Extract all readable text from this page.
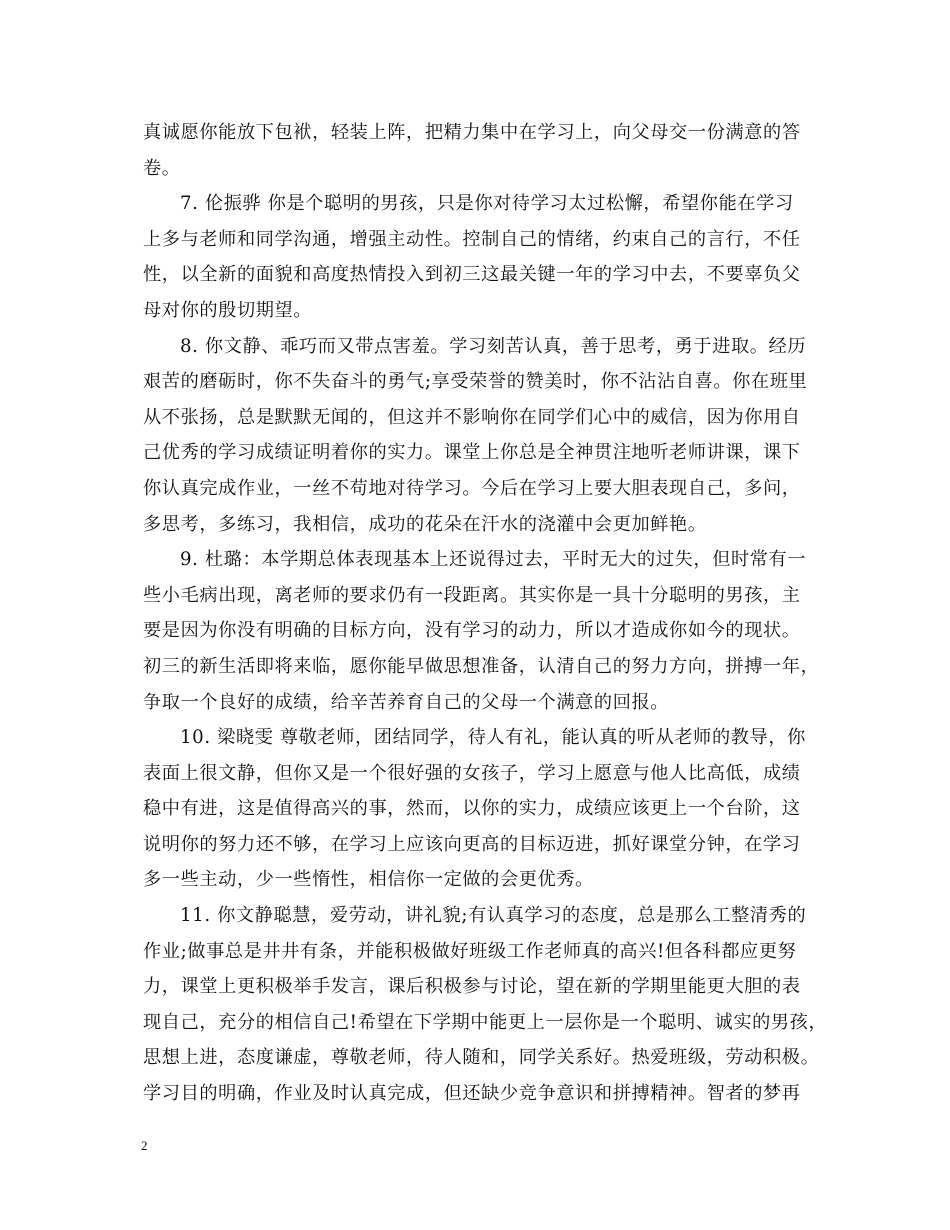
真诚愿你能放下包袱，轻装上阵，把精力集中在学习上，向父母交一份满意的答
卷。
7. 伦振骅 你是个聪明的男孩，只是你对待学习太过松懈，希望你能在学习
上多与老师和同学沟通，增强主动性。控制自己的情绪，约束自己的言行，不任
性，以全新的面貌和高度热情投入到初三这最关键一年的学习中去，不要辜负父
母对你的殷切期望。
8. 你文静、乖巧而又带点害羞。学习刻苦认真，善于思考，勇于进取。经历
艰苦的磨砺时，你不失奋斗的勇气;享受荣誉的赞美时，你不沾沾自喜。你在班里
从不张扬，总是默默无闻的，但这并不影响你在同学们心中的威信，因为你用自
己优秀的学习成绩证明着你的实力。课堂上你总是全神贯注地听老师讲课，课下
你认真完成作业，一丝不苟地对待学习。今后在学习上要大胆表现自己，多问，
多思考，多练习，我相信，成功的花朵在汗水的浇灌中会更加鲜艳。
9. 杜璐：本学期总体表现基本上还说得过去，平时无大的过失，但时常有一
些小毛病出现，离老师的要求仍有一段距离。其实你是一具十分聪明的男孩，主
要是因为你没有明确的目标方向，没有学习的动力，所以才造成你如今的现状。
初三的新生活即将来临，愿你能早做思想准备，认清自己的努力方向，拼搏一年，
争取一个良好的成绩，给辛苦养育自己的父母一个满意的回报。
10. 梁晓雯 尊敬老师，团结同学，待人有礼，能认真的听从老师的教导，你
表面上很文静，但你又是一个很好强的女孩子，学习上愿意与他人比高低，成绩
稳中有进，这是值得高兴的事，然而，以你的实力，成绩应该更上一个台阶，这
说明你的努力还不够，在学习上应该向更高的目标迈进，抓好课堂分钟，在学习
多一些主动，少一些惰性，相信你一定做的会更优秀。
11. 你文静聪慧，爱劳动，讲礼貌;有认真学习的态度，总是那么工整清秀的
作业;做事总是井井有条，并能积极做好班级工作老师真的高兴!但各科都应更努
力，课堂上更积极举手发言，课后积极参与讨论，望在新的学期里能更大胆的表
现自己，充分的相信自己!希望在下学期中能更上一层你是一个聪明、诚实的男孩，
思想上进，态度谦虚，尊敬老师，待人随和，同学关系好。热爱班级，劳动积极。
学习目的明确，作业及时认真完成，但还缺少竞争意识和拼搏精神。智者的梦再
2
